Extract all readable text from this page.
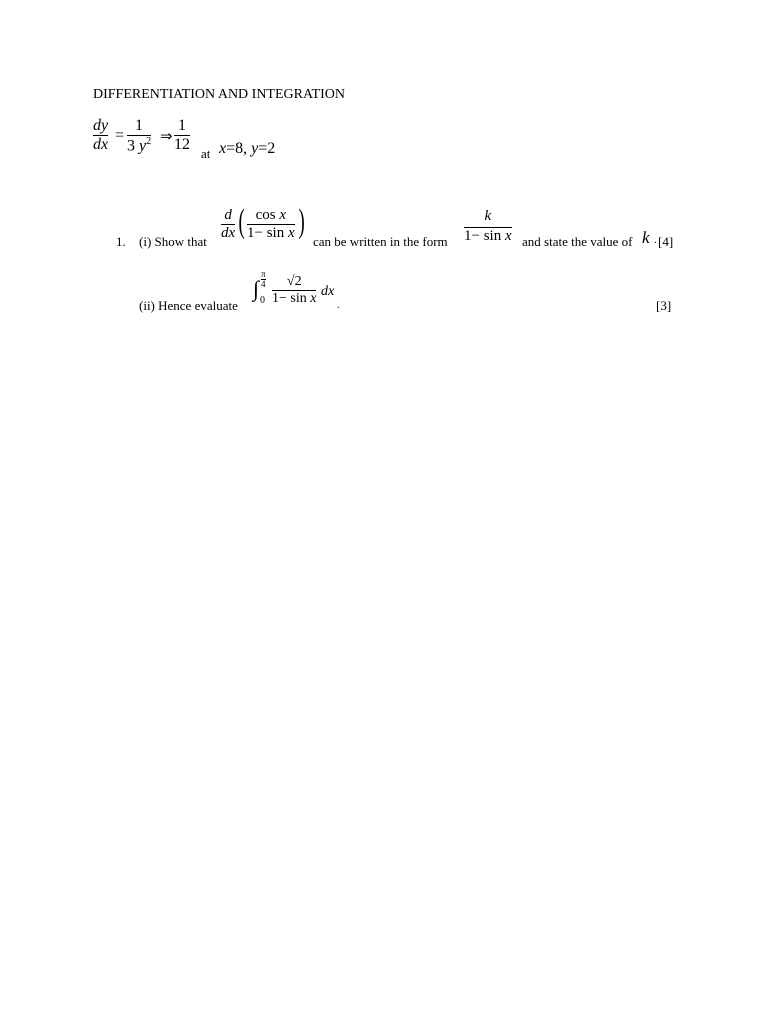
DIFFERENTIATION AND INTEGRATION
dy
dx
=
1
3 $y^2$ ⇒
1
12
at x=8, y=2
1. (i) Show that
d
dx ( cos x
1− sin x )
can be written in the form
k
1− sin x and state the value of k . [4]
(ii) Hence evaluate
∫
π
4
0
√2
1− sin x dx
.	[3]
